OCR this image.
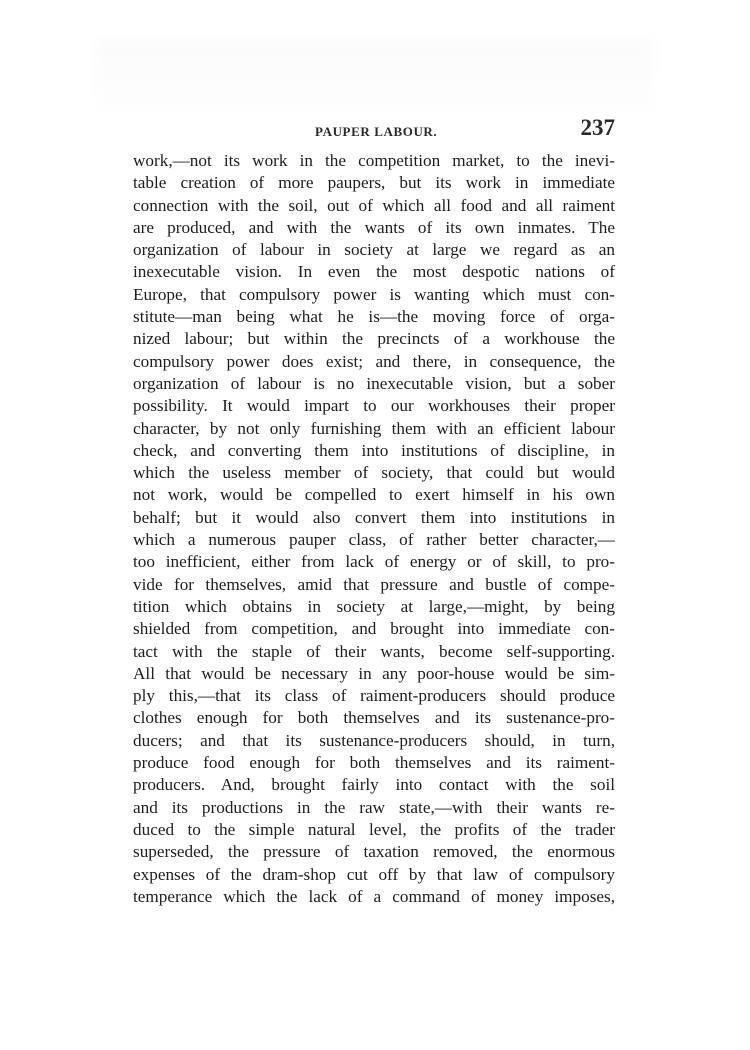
PAUPER LABOUR.	237
work,—not its work in the competition market, to the inevi-
table creation of more paupers, but its work in immediate
connection with the soil, out of which all food and all raiment
are produced, and with the wants of its own inmates. The
organization of labour in society at large we regard as an
inexecutable vision. In even the most despotic nations of
Europe, that compulsory power is wanting which must con-
stitute—man being what he is—the moving force of orga-
nized labour; but within the precincts of a workhouse the
compulsory power does exist; and there, in consequence, the
organization of labour is no inexecutable vision, but a sober
possibility. It would impart to our workhouses their proper
character, by not only furnishing them with an efficient labour
check, and converting them into institutions of discipline, in
which the useless member of society, that could but would
not work, would be compelled to exert himself in his own
behalf; but it would also convert them into institutions in
which a numerous pauper class, of rather better character,—
too inefficient, either from lack of energy or of skill, to pro-
vide for themselves, amid that pressure and bustle of compe-
tition which obtains in society at large,—might, by being
shielded from competition, and brought into immediate con-
tact with the staple of their wants, become self-supporting.
All that would be necessary in any poor-house would be sim-
ply this,—that its class of raiment-producers should produce
clothes enough for both themselves and its sustenance-pro-
ducers; and that its sustenance-producers should, in turn,
produce food enough for both themselves and its raiment-
producers. And, brought fairly into contact with the soil
and its productions in the raw state,—with their wants re-
duced to the simple natural level, the profits of the trader
superseded, the pressure of taxation removed, the enormous
expenses of the dram-shop cut off by that law of compulsory
temperance which the lack of a command of money imposes,
